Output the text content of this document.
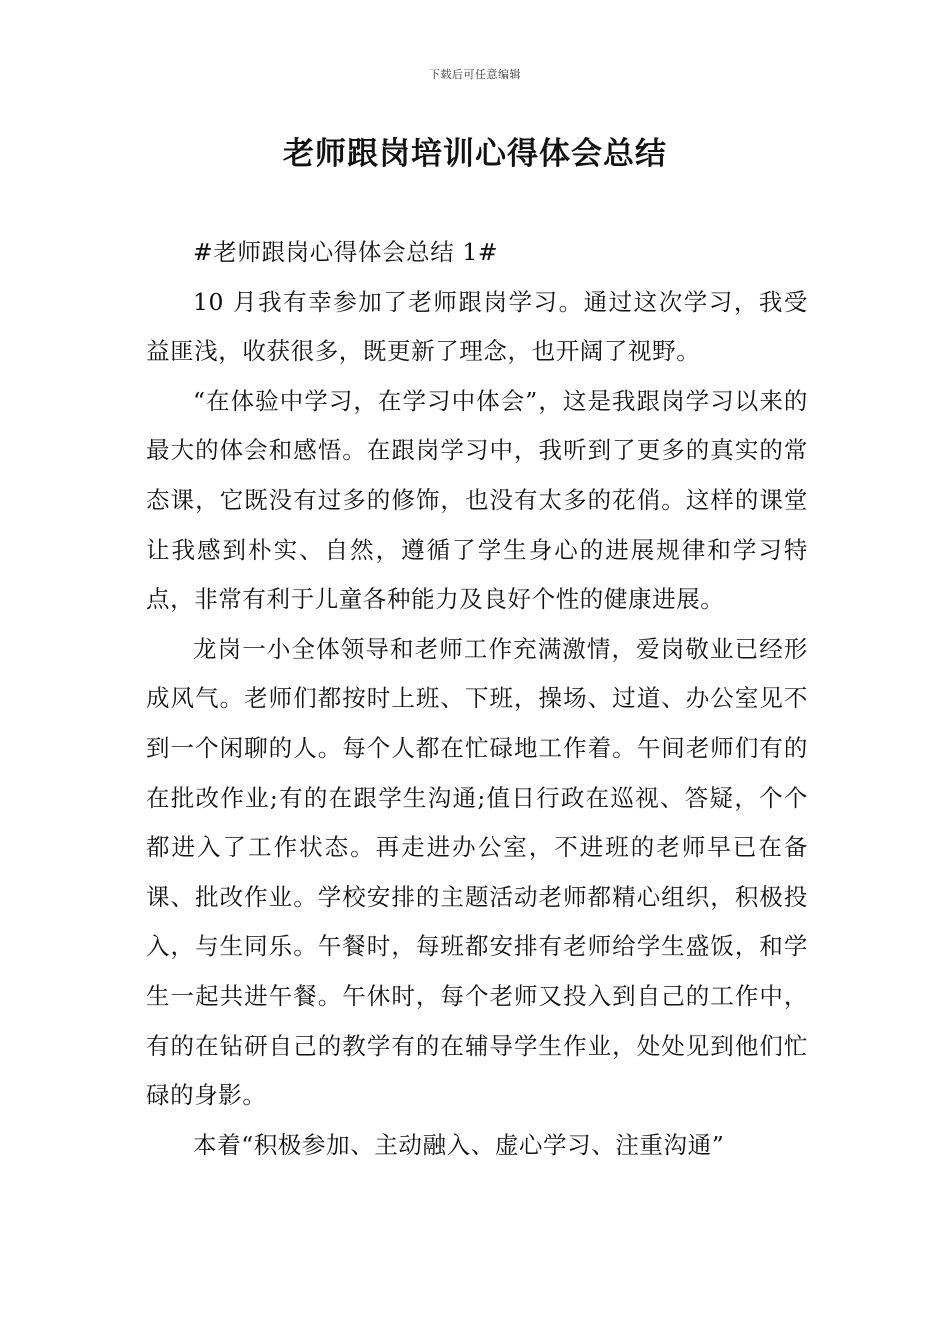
下载后可任意编辑
老师跟岗培训心得体会总结

#老师跟岗心得体会总结 1#

10 月我有幸参加了老师跟岗学习。通过这次学习，我受益匪浅，收获很多，既更新了理念，也开阔了视野。

“在体验中学习，在学习中体会”，这是我跟岗学习以来的最大的体会和感悟。在跟岗学习中，我听到了更多的真实的常态课，它既没有过多的修饰，也没有太多的花俏。这样的课堂让我感到朴实、自然，遵循了学生身心的进展规律和学习特点，非常有利于儿童各种能力及良好个性的健康进展。

龙岗一小全体领导和老师工作充满激情，爱岗敬业已经形成风气。老师们都按时上班、下班，操场、过道、办公室见不到一个闲聊的人。每个人都在忙碌地工作着。午间老师们有的在批改作业;有的在跟学生沟通;值日行政在巡视、答疑，个个都进入了工作状态。再走进办公室，不进班的老师早已在备课、批改作业。学校安排的主题活动老师都精心组织，积极投入，与生同乐。午餐时，每班都安排有老师给学生盛饭，和学生一起共进午餐。午休时，每个老师又投入到自己的工作中，有的在钻研自己的教学有的在辅导学生作业，处处见到他们忙碌的身影。

本着“积极参加、主动融入、虚心学习、注重沟通”
